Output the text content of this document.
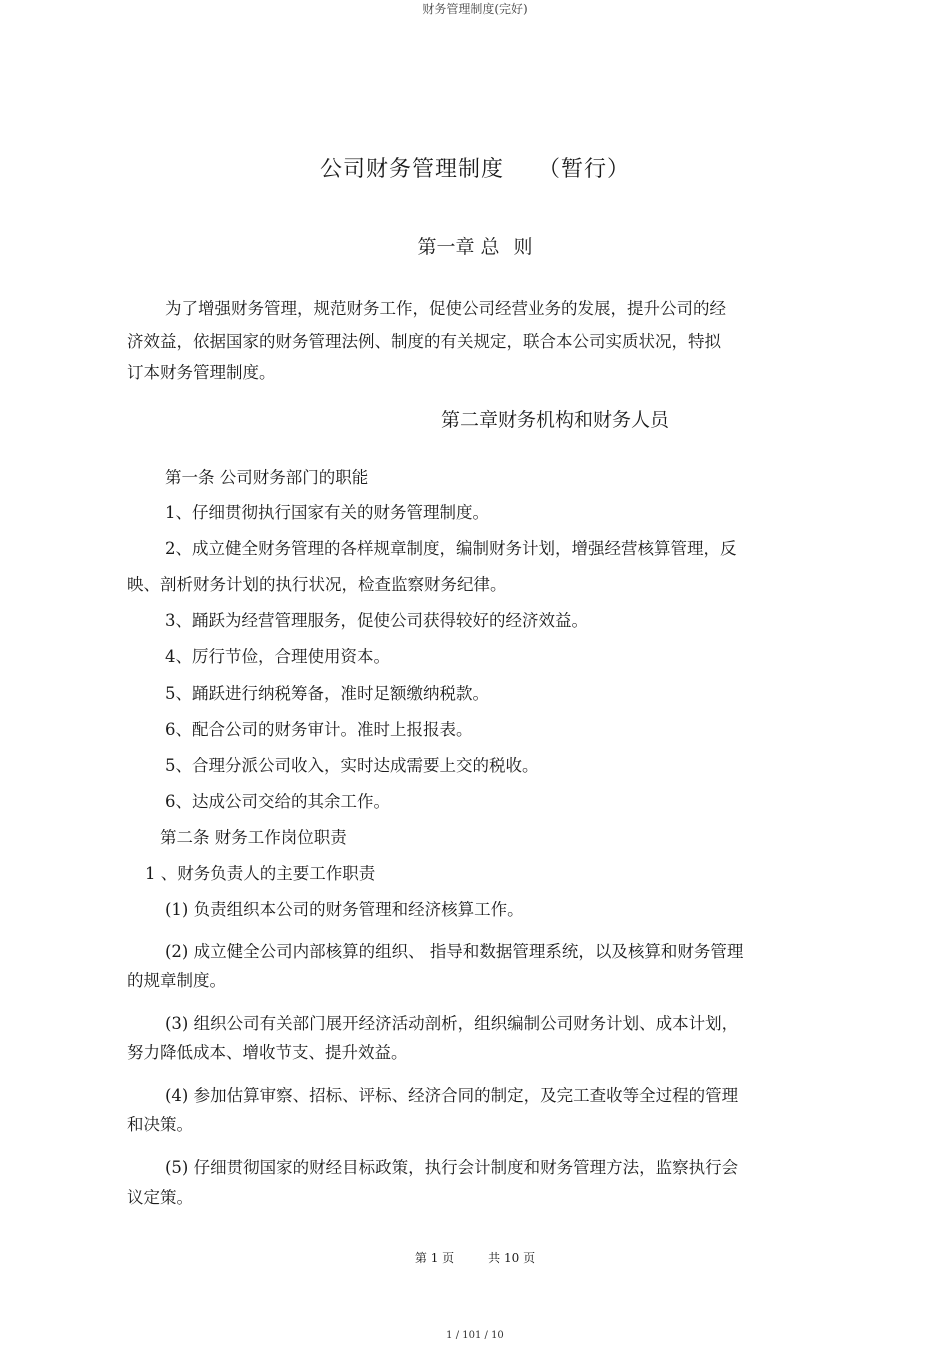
财务管理制度(完好)
公司财务管理制度 （暂行）
第一章 总 则
为了增强财务管理，规范财务工作，促使公司经营业务的发展，提升公司的经
济效益，依据国家的财务管理法例、制度的有关规定，联合本公司实质状况，特拟
订本财务管理制度。
第二章财务机构和财务人员
第一条 公司财务部门的职能
1、仔细贯彻执行国家有关的财务管理制度。
2、成立健全财务管理的各样规章制度，编制财务计划，增强经营核算管理，反
映、剖析财务计划的执行状况，检查监察财务纪律。
3、踊跃为经营管理服务，促使公司获得较好的经济效益。
4、厉行节俭，合理使用资本。
5、踊跃进行纳税筹备，准时足额缴纳税款。
6、配合公司的财务审计。准时上报报表。
5、合理分派公司收入，实时达成需要上交的税收。
6、达成公司交给的其余工作。
第二条 财务工作岗位职责
1 、财务负责人的主要工作职责
(1) 负责组织本公司的财务管理和经济核算工作。
(2) 成立健全公司内部核算的组织、 指导和数据管理系统，以及核算和财务管理
的规章制度。
(3) 组织公司有关部门展开经济活动剖析，组织编制公司财务计划、成本计划，
努力降低成本、增收节支、提升效益。
(4) 参加估算审察、招标、评标、经济合同的制定，及完工查收等全过程的管理
和决策。
(5) 仔细贯彻国家的财经目标政策，执行会计制度和财务管理方法，监察执行会
议定策。
第 1 页	共 10 页
1 / 101 / 10
